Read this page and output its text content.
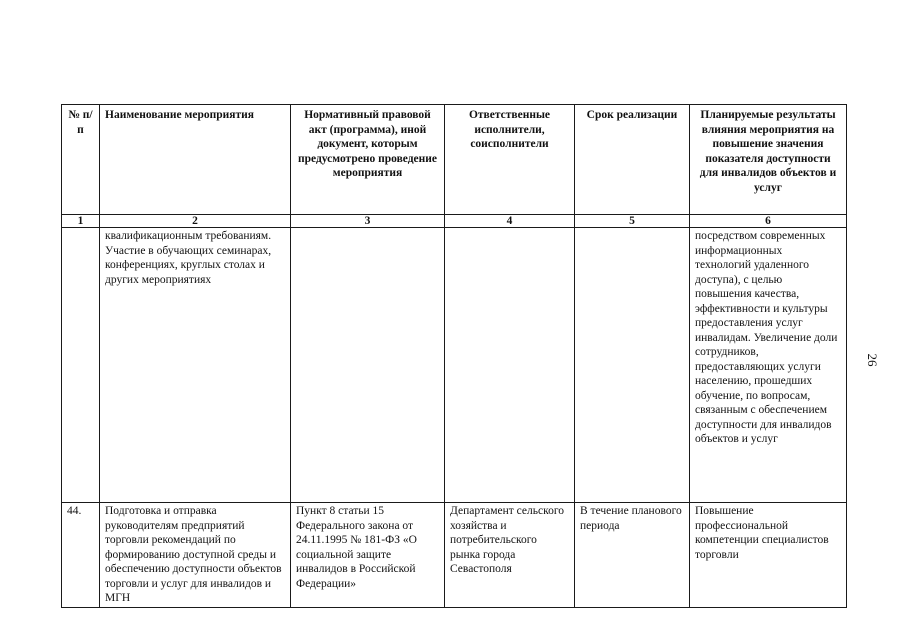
№ п/п	Наименование мероприятия	Нормативный правовой акт (программа), иной документ, которым предусмотрено проведение мероприятия	Ответственные исполнители, соисполнители	Срок реализации	Планируемые результаты влияния мероприятия на повышение значения показателя доступности для инвалидов объектов и услуг
1	2	3	4	5	6
	квалификационным требованиям. Участие в обучающих семинарах, конференциях, круглых столах и других мероприятиях				посредством современных информационных технологий удаленного доступа), с целью повышения качества, эффективности и культуры предоставления услуг инвалидам. Увеличение доли сотрудников, предоставляющих услуги населению, прошедших обучение, по вопросам, связанным с обеспечением доступности для инвалидов объектов и услуг
44.	Подготовка и отправка руководителям предприятий торговли рекомендаций по формированию доступной среды и обеспечению доступности объектов торговли и услуг для инвалидов и МГН	Пункт 8 статьи 15 Федерального закона от 24.11.1995 № 181-ФЗ «О социальной защите инвалидов в Российской Федерации»	Департамент сельского хозяйства и потребительского рынка города Севастополя	В течение планового периода	Повышение профессиональной компетенции специалистов торговли
26
